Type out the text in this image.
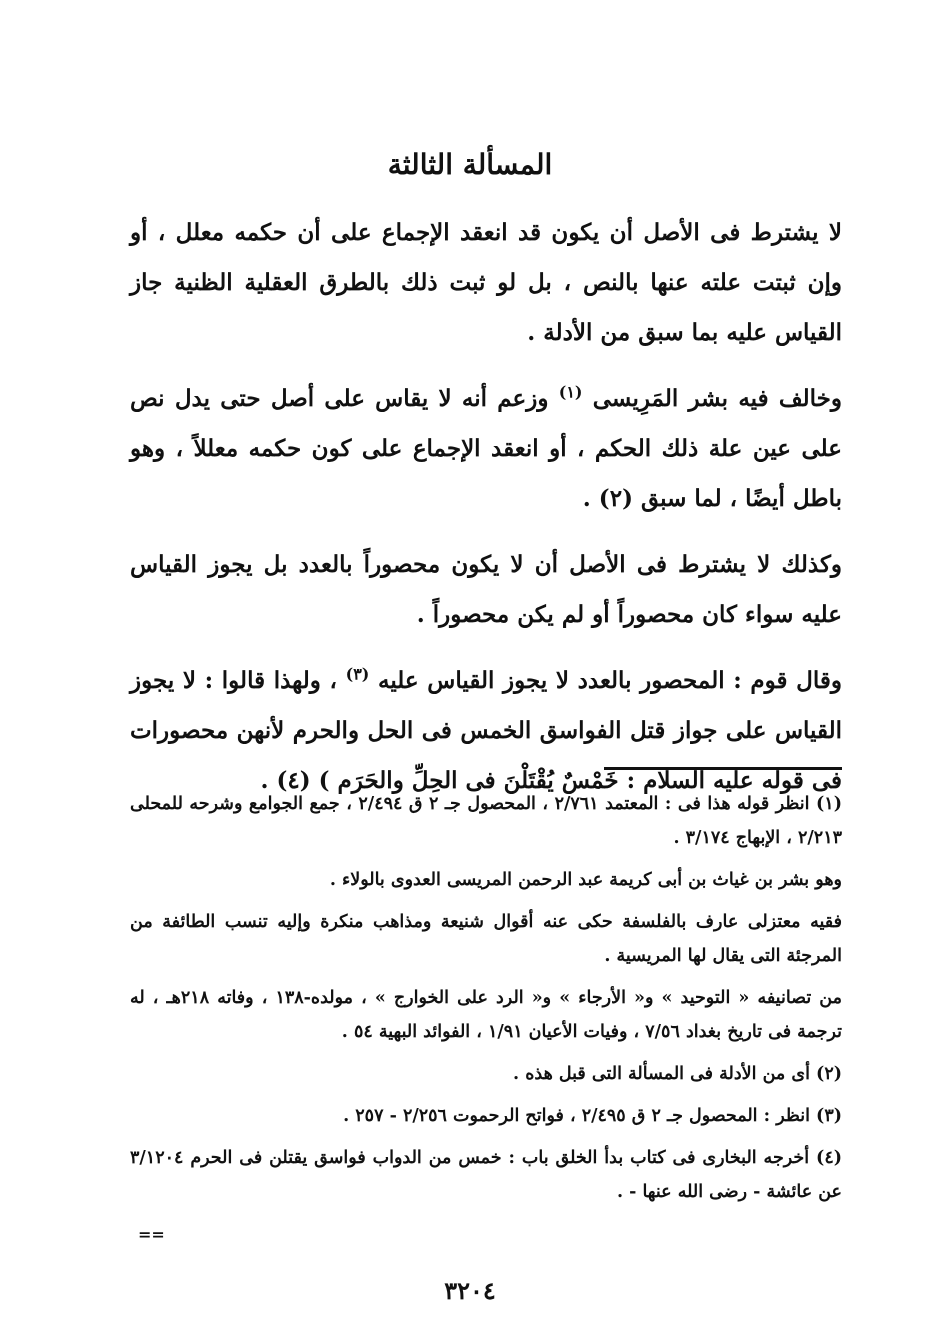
المسألة الثالثة

لا يشترط فى الأصل أن يكون قد انعقد الإجماع على أن حكمه معلل ، أو وإن ثبتت علته عنها بالنص ، بل لو ثبت ذلك بالطرق العقلية الظنية جاز القياس عليه بما سبق من الأدلة .

وخالف فيه بشر المَرِيسى $^{(١)}$ وزعم أنه لا يقاس على أصل حتى يدل نص على عين علة ذلك الحكم ، أو انعقد الإجماع على كون حكمه معللاً ، وهو باطل أيضًا ، لما سبق (٢) .

وكذلك لا يشترط فى الأصل أن لا يكون محصوراً بالعدد بل يجوز القياس عليه سواء كان محصوراً أو لم يكن محصوراً .

وقال قوم : المحصور بالعدد لا يجوز القياس عليه $^{(٣)}$ ، ولهذا قالوا : لا يجوز القياس على جواز قتل الفواسق الخمس فى الحل والحرم لأنهن محصورات فى قوله عليه السلام : خَمْسٌ يُقْتَلْنَ فى الحِلِّ والحَرَم ) (٤) .

(١) انظر قوله هذا فى : المعتمد ٢/٧٦١ ، المحصول جـ ٢ ق ٢/٤٩٤ ، جمع الجوامع وشرحه للمحلى ٢/٢١٣ ، الإبهاج ٣/١٧٤ .

وهو بشر بن غياث بن أبى كريمة عبد الرحمن المريسى العدوى بالولاء .

فقيه معتزلى عارف بالفلسفة حكى عنه أقوال شنيعة ومذاهب منكرة وإليه تنسب الطائفة من المرجئة التى يقال لها المريسية .

من تصانيفه « التوحيد » و« الأرجاء » و« الرد على الخوارج » ، مولده-١٣٨ ، وفاته ٢١٨هـ ، له ترجمة فى تاريخ بغداد ٧/٥٦ ، وفيات الأعيان ١/٩١ ، الفوائد البهية ٥٤ .

(٢) أى من الأدلة فى المسألة التى قبل هذه .

(٣) انظر : المحصول جـ ٢ ق ٢/٤٩٥ ، فواتح الرحموت ٢/٢٥٦ - ٢٥٧ .

(٤) أخرجه البخارى فى كتاب بدأ الخلق باب : خمس من الدواب فواسق يقتلن فى الحرم ٣/١٢٠٤ عن عائشة - رضى الله عنها - .

==
٣٢٠٤
